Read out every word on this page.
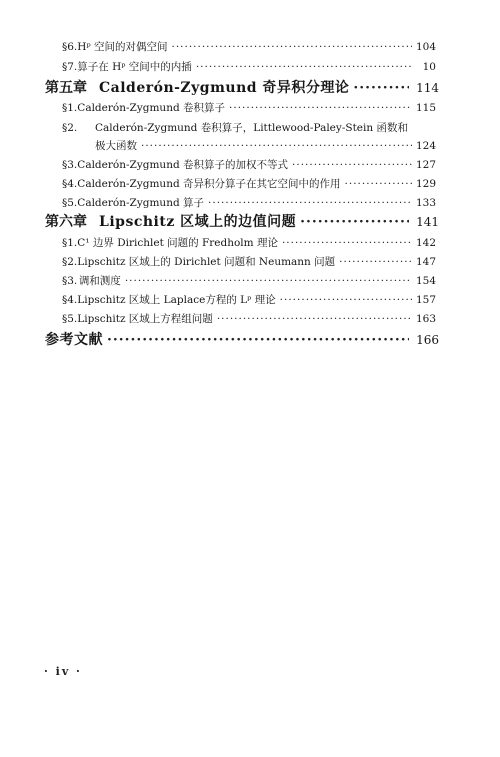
§6. Hᵖ 空间的对偶空间 ·····	104
§7. 算子在 Hᵖ 空间中的内插 ·····	10
第五章 Calderón-Zygmund 奇异积分理论 ·····	114
§1. Calderón-Zygmund 卷积算子 ·····	115
§2.	Calderón-Zygmund 卷积算子，Littlewood-Paley-Stein 函数和
极大函数 ·····	124
§3. Calderón-Zygmund 卷积算子的加权不等式 ·····	127
§4. Calderón-Zygmund 奇异积分算子在其它空间中的作用 ·····	129
§5. Calderón-Zygmund 算子 ·····	133
第六章 Lipschitz 区域上的边值问题 ·····	141
§1. C¹ 边界 Dirichlet 问题的 Fredholm 理论 ·····	142
§2. Lipschitz 区域上的 Dirichlet 问题和 Neumann 问题 ·····	147
§3. 调和测度 ·····	154
§4. Lipschitz 区域上 Laplace方程的 Lᵖ 理论 ·····	157
§5. Lipschitz 区域上方程组问题 ·····	163
参考文献 ·····	166
· iv ·
